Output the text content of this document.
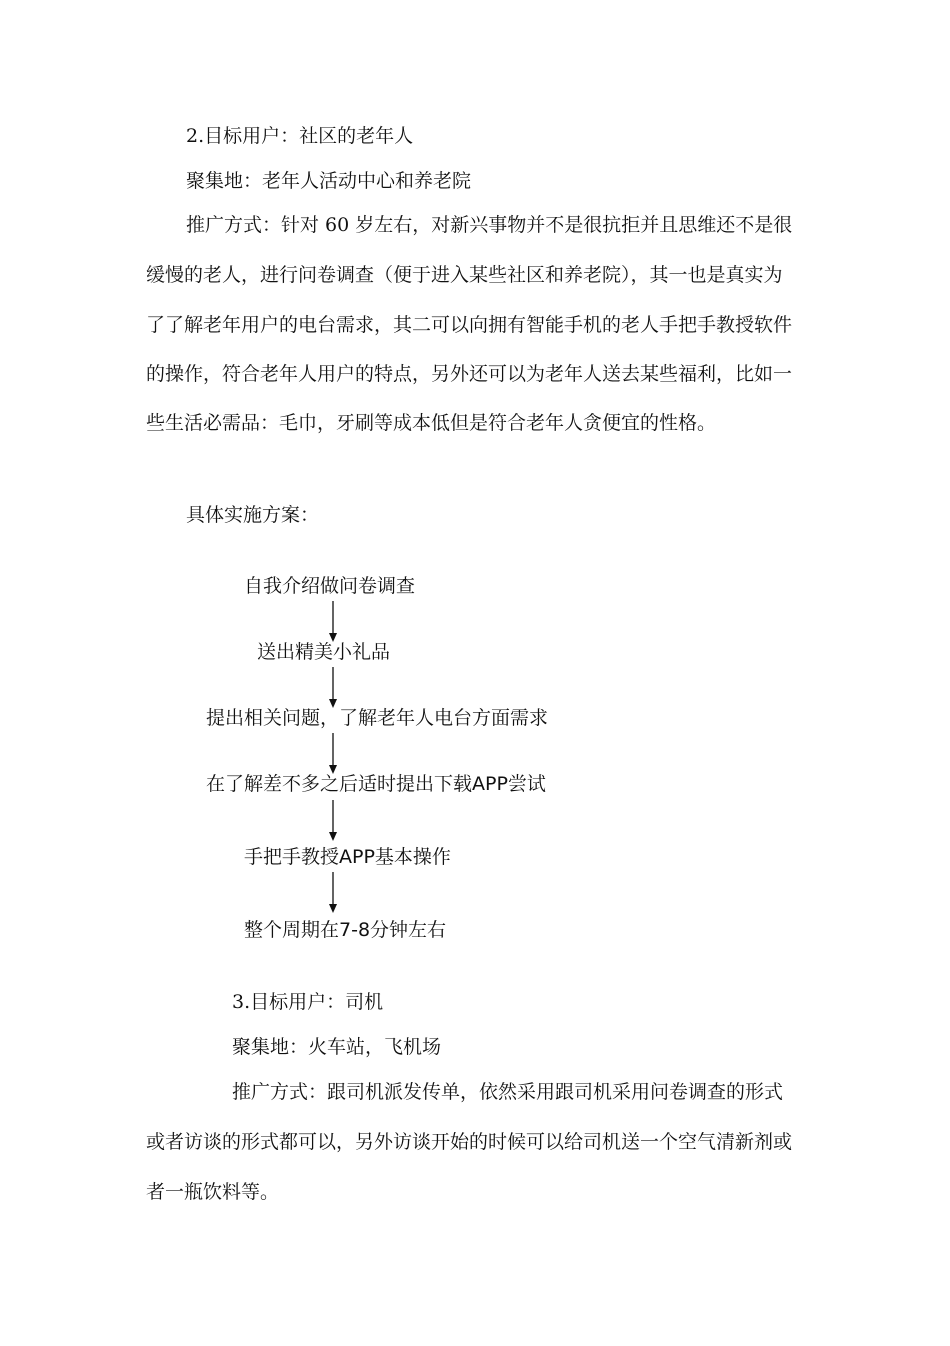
2.目标用户：社区的老年人
聚集地：老年人活动中心和养老院
推广方式：针对 60 岁左右，对新兴事物并不是很抗拒并且思维还不是很
缓慢的老人，进行问卷调查（便于进入某些社区和养老院），其一也是真实为
了了解老年用户的电台需求，其二可以向拥有智能手机的老人手把手教授软件
的操作，符合老年人用户的特点，另外还可以为老年人送去某些福利，比如一
些生活必需品：毛巾，牙刷等成本低但是符合老年人贪便宜的性格。
具体实施方案：
自我介绍做问卷调查
送出精美小礼品
提出相关问题，了解老年人电台方面需求
在了解差不多之后适时提出下载APP尝试
手把手教授APP基本操作
整个周期在7-8分钟左右
3.目标用户：司机
聚集地：火车站，飞机场
推广方式：跟司机派发传单，依然采用跟司机采用问卷调查的形式
或者访谈的形式都可以，另外访谈开始的时候可以给司机送一个空气清新剂或
者一瓶饮料等。
